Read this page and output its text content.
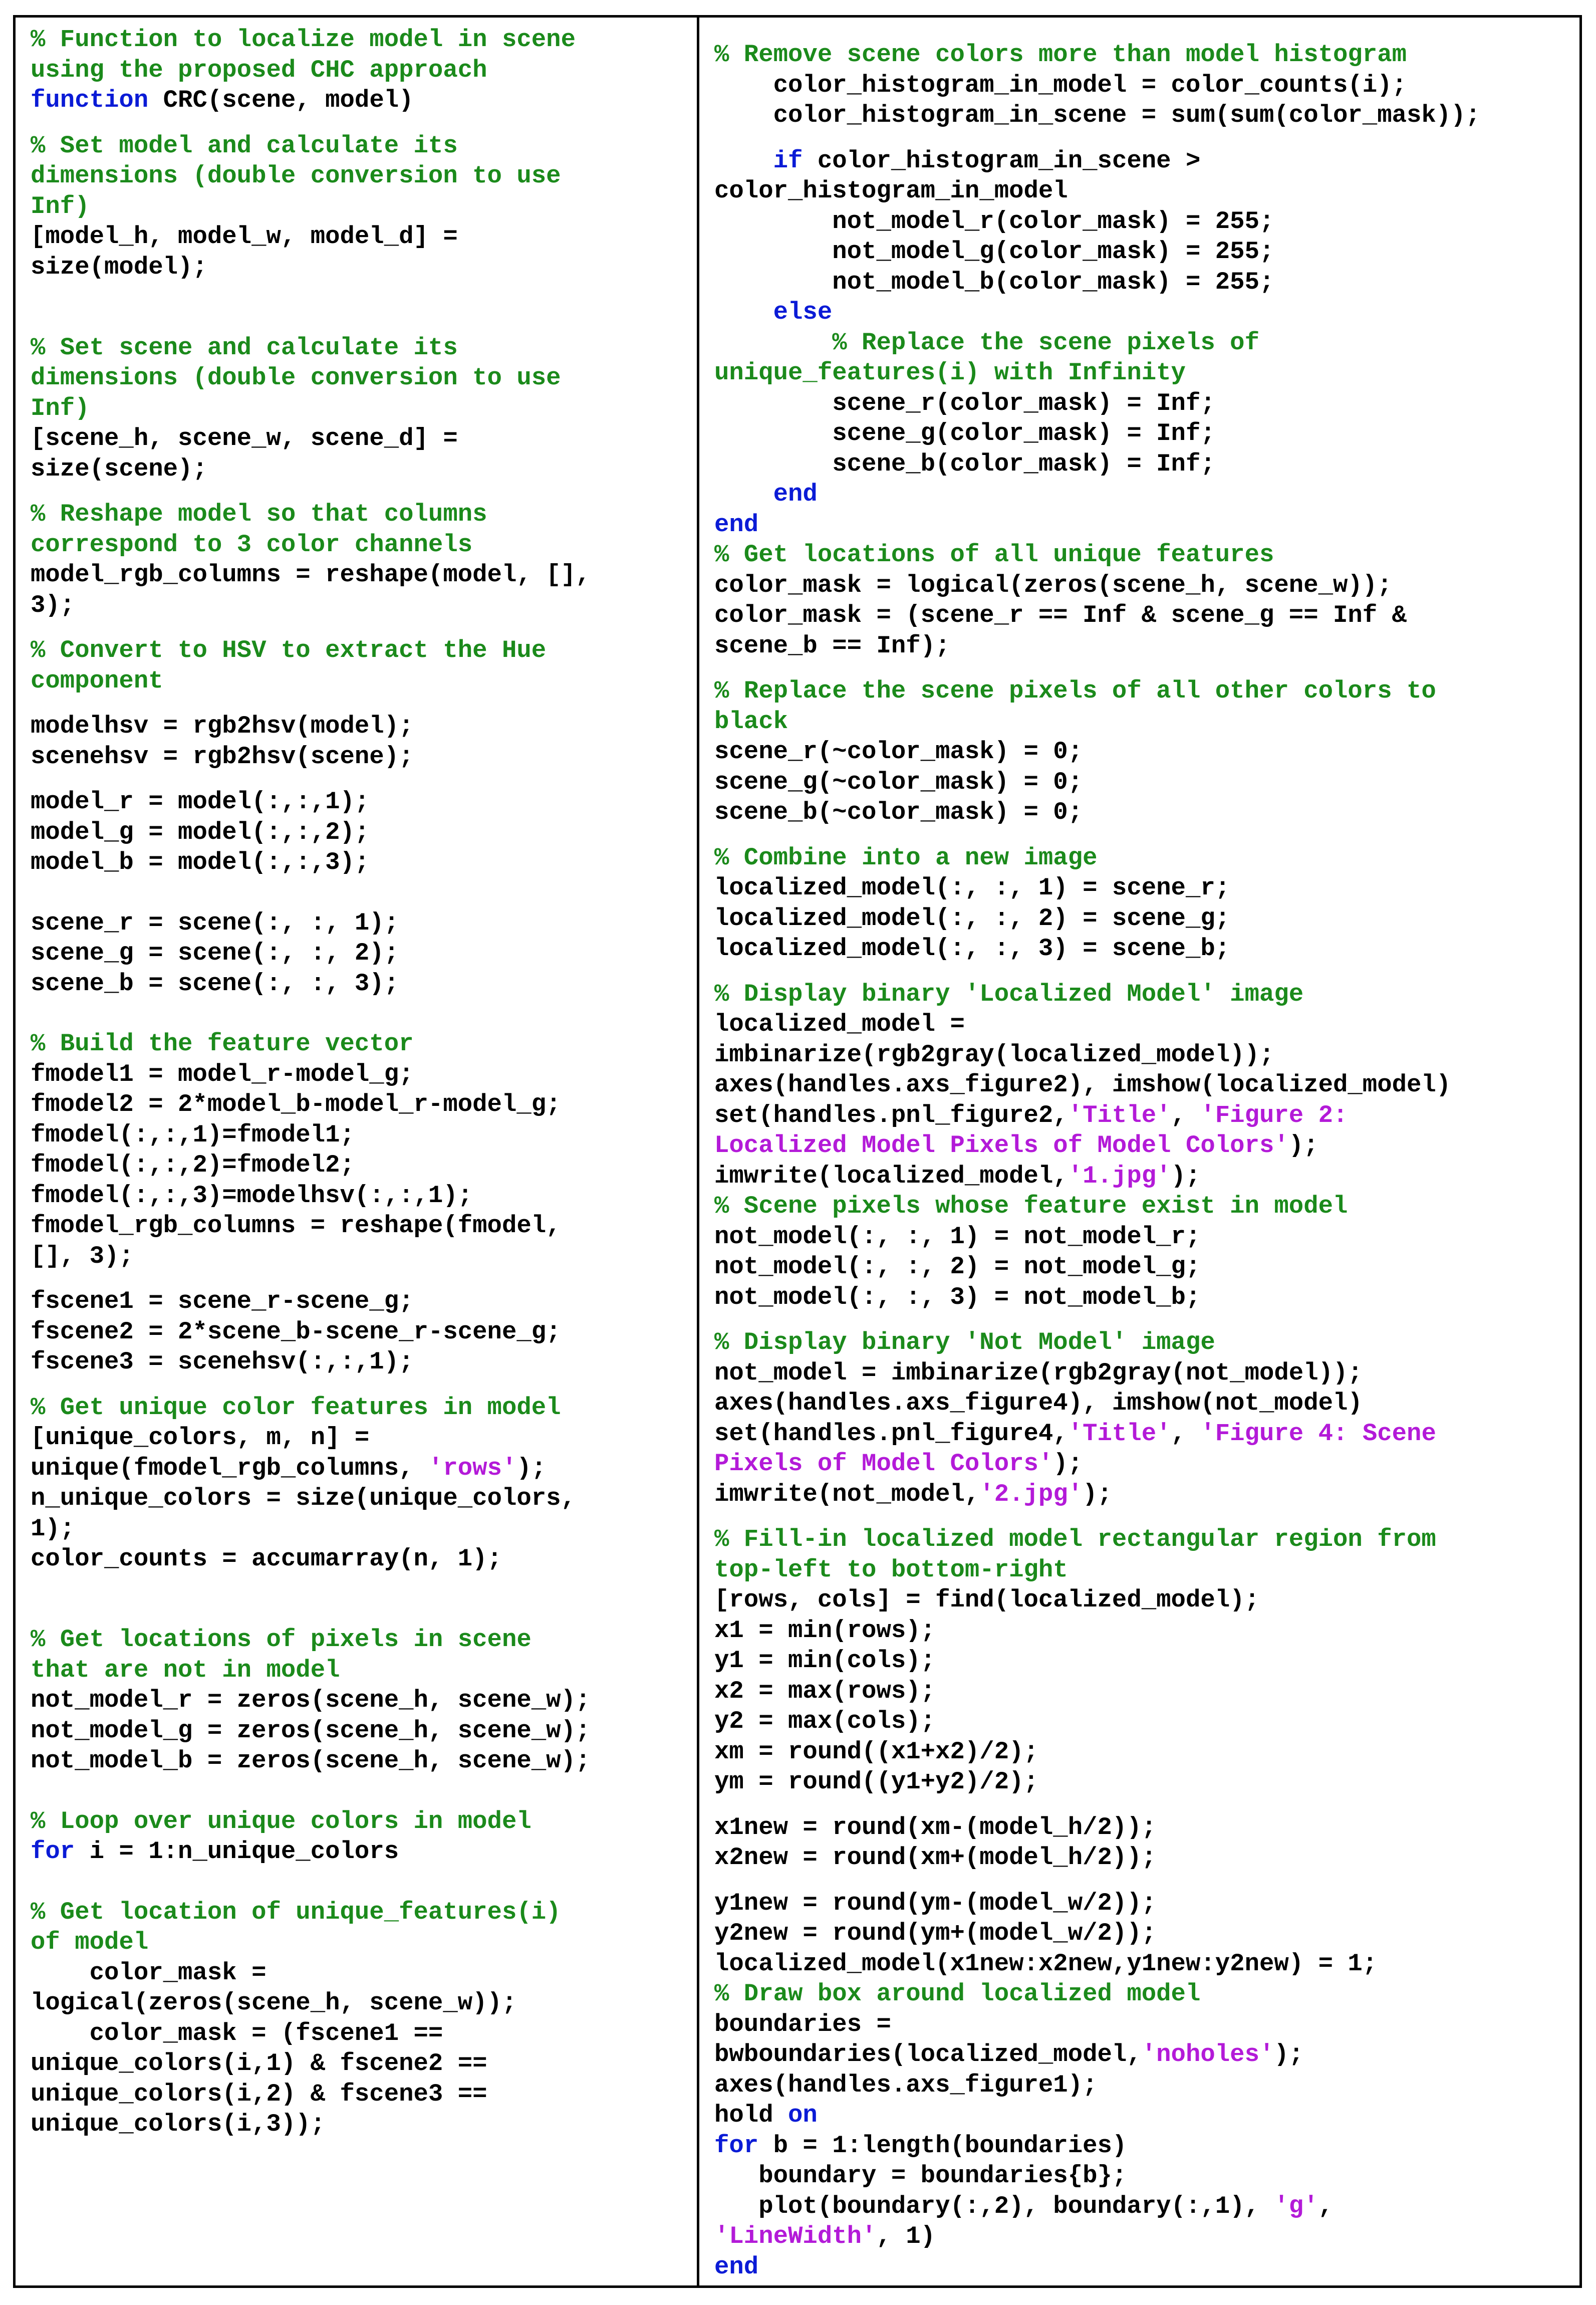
% Function to localize model in scene
using the proposed CHC approach
function CRC(scene, model)
% Set model and calculate its
dimensions (double conversion to use
Inf)
[model_h, model_w, model_d] =
size(model);
% Set scene and calculate its
dimensions (double conversion to use
Inf)
[scene_h, scene_w, scene_d] =
size(scene);
% Reshape model so that columns
correspond to 3 color channels
model_rgb_columns = reshape(model, [],
3);
% Convert to HSV to extract the Hue
component
modelhsv = rgb2hsv(model);
scenehsv = rgb2hsv(scene);
model_r = model(:,:,1);
model_g = model(:,:,2);
model_b = model(:,:,3);
scene_r = scene(:, :, 1);
scene_g = scene(:, :, 2);
scene_b = scene(:, :, 3);
% Build the feature vector
fmodel1 = model_r-model_g;
fmodel2 = 2*model_b-model_r-model_g;
fmodel(:,:,1)=fmodel1;
fmodel(:,:,2)=fmodel2;
fmodel(:,:,3)=modelhsv(:,:,1);
fmodel_rgb_columns = reshape(fmodel,
[], 3);
fscene1 = scene_r-scene_g;
fscene2 = 2*scene_b-scene_r-scene_g;
fscene3 = scenehsv(:,:,1);
% Get unique color features in model
[unique_colors, m, n] =
unique(fmodel_rgb_columns, 'rows');
n_unique_colors = size(unique_colors,
1);
color_counts = accumarray(n, 1);
% Get locations of pixels in scene
that are not in model
not_model_r = zeros(scene_h, scene_w);
not_model_g = zeros(scene_h, scene_w);
not_model_b = zeros(scene_h, scene_w);
% Loop over unique colors in model
for i = 1:n_unique_colors
% Get location of unique_features(i)
of model
color_mask =
logical(zeros(scene_h, scene_w));
color_mask = (fscene1 ==
unique_colors(i,1) & fscene2 ==
unique_colors(i,2) & fscene3 ==
unique_colors(i,3));
% Remove scene colors more than model histogram
color_histogram_in_model = color_counts(i);
color_histogram_in_scene = sum(sum(color_mask));
if color_histogram_in_scene >
color_histogram_in_model
not_model_r(color_mask) = 255;
not_model_g(color_mask) = 255;
not_model_b(color_mask) = 255;
else
% Replace the scene pixels of
unique_features(i) with Infinity
scene_r(color_mask) = Inf;
scene_g(color_mask) = Inf;
scene_b(color_mask) = Inf;
end
end
% Get locations of all unique features
color_mask = logical(zeros(scene_h, scene_w));
color_mask = (scene_r == Inf & scene_g == Inf &
scene_b == Inf);
% Replace the scene pixels of all other colors to
black
scene_r(~color_mask) = 0;
scene_g(~color_mask) = 0;
scene_b(~color_mask) = 0;
% Combine into a new image
localized_model(:, :, 1) = scene_r;
localized_model(:, :, 2) = scene_g;
localized_model(:, :, 3) = scene_b;
% Display binary 'Localized Model' image
localized_model =
imbinarize(rgb2gray(localized_model));
axes(handles.axs_figure2), imshow(localized_model)
set(handles.pnl_figure2,'Title', 'Figure 2:
Localized Model Pixels of Model Colors');
imwrite(localized_model,'1.jpg');
% Scene pixels whose feature exist in model
not_model(:, :, 1) = not_model_r;
not_model(:, :, 2) = not_model_g;
not_model(:, :, 3) = not_model_b;
% Display binary 'Not Model' image
not_model = imbinarize(rgb2gray(not_model));
axes(handles.axs_figure4), imshow(not_model)
set(handles.pnl_figure4,'Title', 'Figure 4: Scene
Pixels of Model Colors');
imwrite(not_model,'2.jpg');
% Fill-in localized model rectangular region from
top-left to bottom-right
[rows, cols] = find(localized_model);
x1 = min(rows);
y1 = min(cols);
x2 = max(rows);
y2 = max(cols);
xm = round((x1+x2)/2);
ym = round((y1+y2)/2);
x1new = round(xm-(model_h/2));
x2new = round(xm+(model_h/2));
y1new = round(ym-(model_w/2));
y2new = round(ym+(model_w/2));
localized_model(x1new:x2new,y1new:y2new) = 1;
% Draw box around localized model
boundaries =
bwboundaries(localized_model,'noholes');
axes(handles.axs_figure1);
hold on
for b = 1:length(boundaries)
boundary = boundaries{b};
plot(boundary(:,2), boundary(:,1), 'g',
'LineWidth', 1)
end
